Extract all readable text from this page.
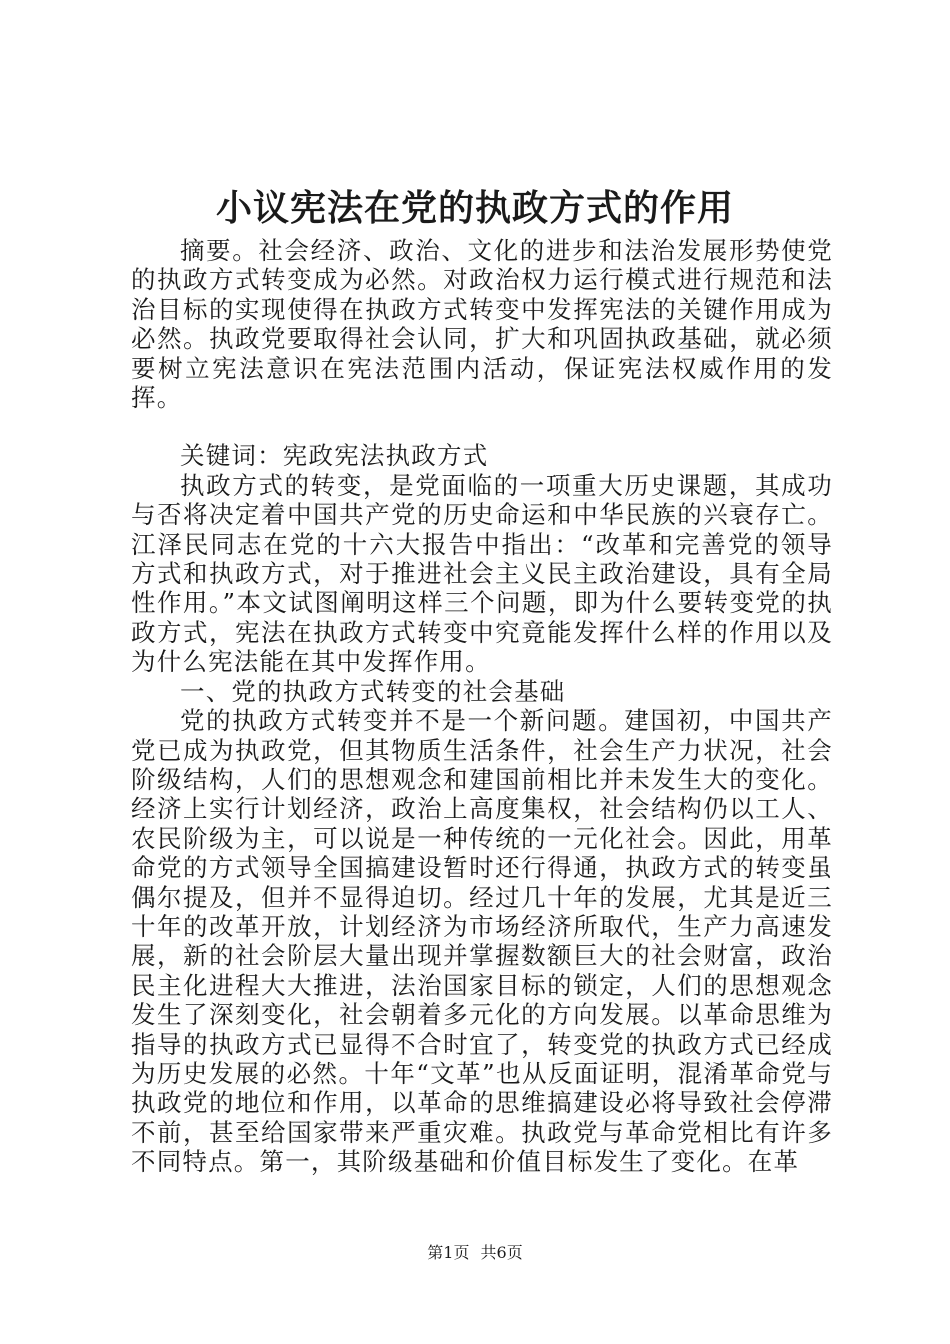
小议宪法在党的执政方式的作用

摘要。社会经济、政治、文化的进步和法治发展形势使党的执政方式转变成为必然。对政治权力运行模式进行规范和法治目标的实现使得在执政方式转变中发挥宪法的关键作用成为必然。执政党要取得社会认同，扩大和巩固执政基础，就必须要树立宪法意识在宪法范围内活动，保证宪法权威作用的发挥。

关键词：宪政宪法执政方式

执政方式的转变，是党面临的一项重大历史课题，其成功与否将决定着中国共产党的历史命运和中华民族的兴衰存亡。江泽民同志在党的十六大报告中指出：“改革和完善党的领导方式和执政方式，对于推进社会主义民主政治建设，具有全局性作用。”本文试图阐明这样三个问题，即为什么要转变党的执政方式，宪法在执政方式转变中究竟能发挥什么样的作用以及为什么宪法能在其中发挥作用。

一、党的执政方式转变的社会基础

党的执政方式转变并不是一个新问题。建国初，中国共产党已成为执政党，但其物质生活条件，社会生产力状况，社会阶级结构，人们的思想观念和建国前相比并未发生大的变化。经济上实行计划经济，政治上高度集权，社会结构仍以工人、农民阶级为主，可以说是一种传统的一元化社会。因此，用革命党的方式领导全国搞建设暂时还行得通，执政方式的转变虽偶尔提及，但并不显得迫切。经过几十年的发展，尤其是近三十年的改革开放，计划经济为市场经济所取代，生产力高速发展，新的社会阶层大量出现并掌握数额巨大的社会财富，政治民主化进程大大推进，法治国家目标的锁定，人们的思想观念发生了深刻变化，社会朝着多元化的方向发展。以革命思维为指导的执政方式已显得不合时宜了，转变党的执政方式已经成为历史发展的必然。十年“文革”也从反面证明，混淆革命党与执政党的地位和作用，以革命的思维搞建设必将导致社会停滞不前，甚至给国家带来严重灾难。执政党与革命党相比有许多不同特点。第一，其阶级基础和价值目标发生了变化。在革

第1页 共6页
